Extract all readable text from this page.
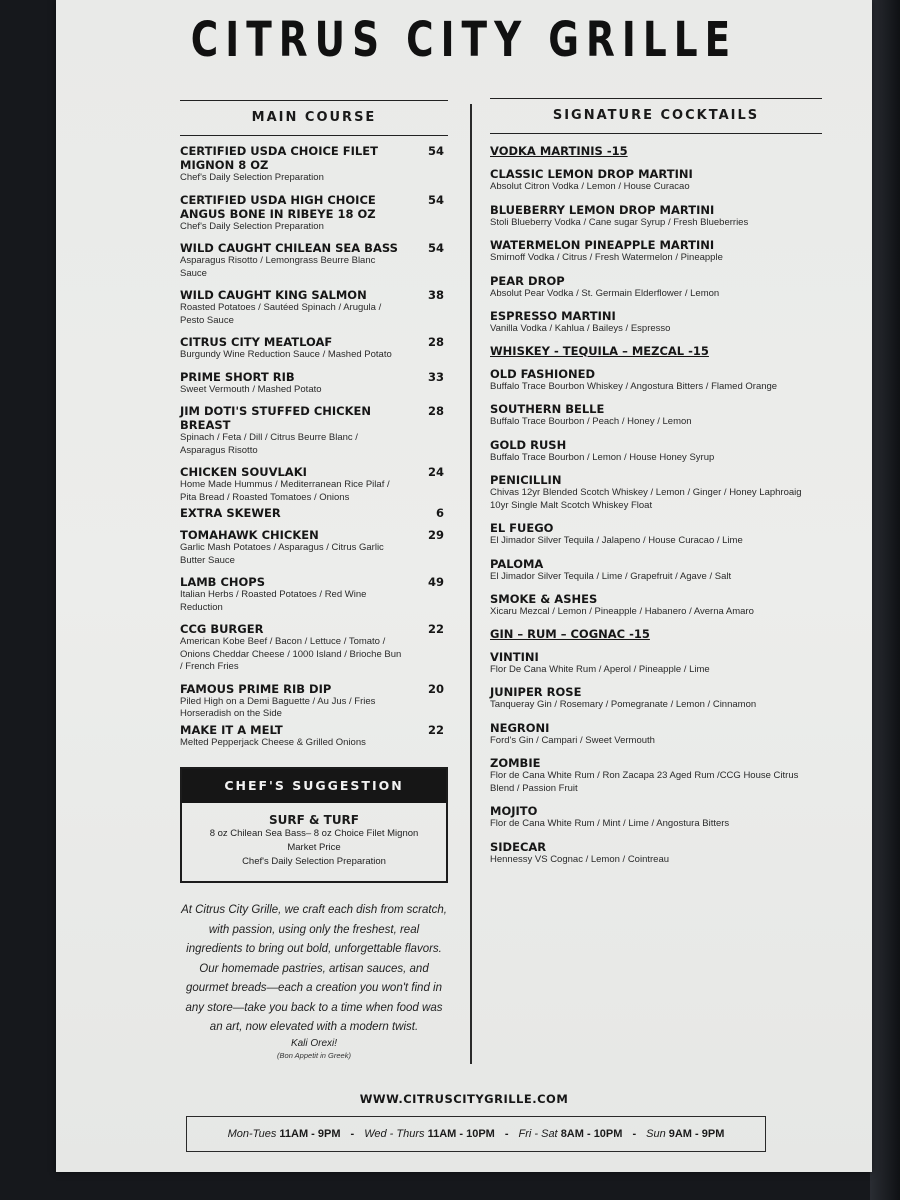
CITRUS CITY GRILLE
MAIN COURSE
CERTIFIED USDA CHOICE FILET MIGNON 8 OZ
54
Chef's Daily Selection Preparation
CERTIFIED USDA HIGH CHOICE ANGUS BONE IN RIBEYE 18 OZ
54
Chef's Daily Selection Preparation
WILD CAUGHT CHILEAN SEA BASS	54
Asparagus Risotto / Lemongrass Beurre Blanc Sauce
WILD CAUGHT KING SALMON	38
Roasted Potatoes / Sautéed Spinach / Arugula / Pesto Sauce
CITRUS CITY MEATLOAF	28
Burgundy Wine Reduction Sauce / Mashed Potato
PRIME SHORT RIB	33
Sweet Vermouth / Mashed Potato
JIM DOTI'S STUFFED CHICKEN BREAST
28
Spinach / Feta / Dill / Citrus Beurre Blanc / Asparagus Risotto
CHICKEN SOUVLAKI	24
Home Made Hummus / Mediterranean Rice Pilaf / Pita Bread / Roasted Tomatoes / Onions
EXTRA SKEWER	6
TOMAHAWK CHICKEN	29
Garlic Mash Potatoes / Asparagus / Citrus Garlic Butter Sauce
LAMB CHOPS	49
Italian Herbs / Roasted Potatoes / Red Wine Reduction
CCG BURGER	22
American Kobe Beef / Bacon / Lettuce / Tomato / Onions Cheddar Cheese / 1000 Island / Brioche Bun / French Fries
FAMOUS PRIME RIB DIP	20
Piled High on a Demi Baguette / Au Jus / Fries Horseradish on the Side
MAKE IT A MELT	22
Melted Pepperjack Cheese & Grilled Onions
CHEF'S SUGGESTION
SURF & TURF
8 oz Chilean Sea Bass– 8 oz Choice Filet Mignon
Market Price
Chef's Daily Selection Preparation
At Citrus City Grille, we craft each dish from scratch, with passion, using only the freshest, real ingredients to bring out bold, unforgettable flavors. Our homemade pastries, artisan sauces, and gourmet breads—each a creation you won't find in any store—take you back to a time when food was an art, now elevated with a modern twist.
Kali Orexi!
(Bon Appetit in Greek)
SIGNATURE COCKTAILS
VODKA MARTINIS -15
CLASSIC LEMON DROP MARTINI
Absolut Citron Vodka / Lemon / House Curacao
BLUEBERRY LEMON DROP MARTINI
Stoli Blueberry Vodka / Cane sugar Syrup / Fresh Blueberries
WATERMELON PINEAPPLE MARTINI
Smirnoff Vodka / Citrus / Fresh Watermelon / Pineapple
PEAR DROP
Absolut Pear Vodka / St. Germain Elderflower / Lemon
ESPRESSO MARTINI
Vanilla Vodka / Kahlua / Baileys / Espresso
WHISKEY - TEQUILA – MEZCAL -15
OLD FASHIONED
Buffalo Trace Bourbon Whiskey / Angostura Bitters / Flamed Orange
SOUTHERN BELLE
Buffalo Trace Bourbon / Peach / Honey / Lemon
GOLD RUSH
Buffalo Trace Bourbon / Lemon / House Honey Syrup
PENICILLIN
Chivas 12yr Blended Scotch Whiskey / Lemon / Ginger / Honey Laphroaig 10yr Single Malt Scotch Whiskey Float
EL FUEGO
El Jimador Silver Tequila / Jalapeno / House Curacao / Lime
PALOMA
El Jimador Silver Tequila / Lime / Grapefruit / Agave / Salt
SMOKE & ASHES
Xicaru Mezcal / Lemon / Pineapple / Habanero / Averna Amaro
GIN – RUM – COGNAC -15
VINTINI
Flor De Cana White Rum / Aperol / Pineapple / Lime
JUNIPER ROSE
Tanqueray Gin / Rosemary / Pomegranate / Lemon / Cinnamon
NEGRONI
Ford's Gin / Campari / Sweet Vermouth
ZOMBIE
Flor de Cana White Rum / Ron Zacapa 23 Aged Rum /CCG House Citrus Blend / Passion Fruit
MOJITO
Flor de Cana White Rum / Mint / Lime / Angostura Bitters
SIDECAR
Hennessy VS Cognac / Lemon / Cointreau
WWW.CITRUSCITYGRILLE.COM
Mon-Tues 11AM - 9PM - Wed - Thurs 11AM - 10PM - Fri - Sat 8AM - 10PM - Sun 9AM - 9PM
